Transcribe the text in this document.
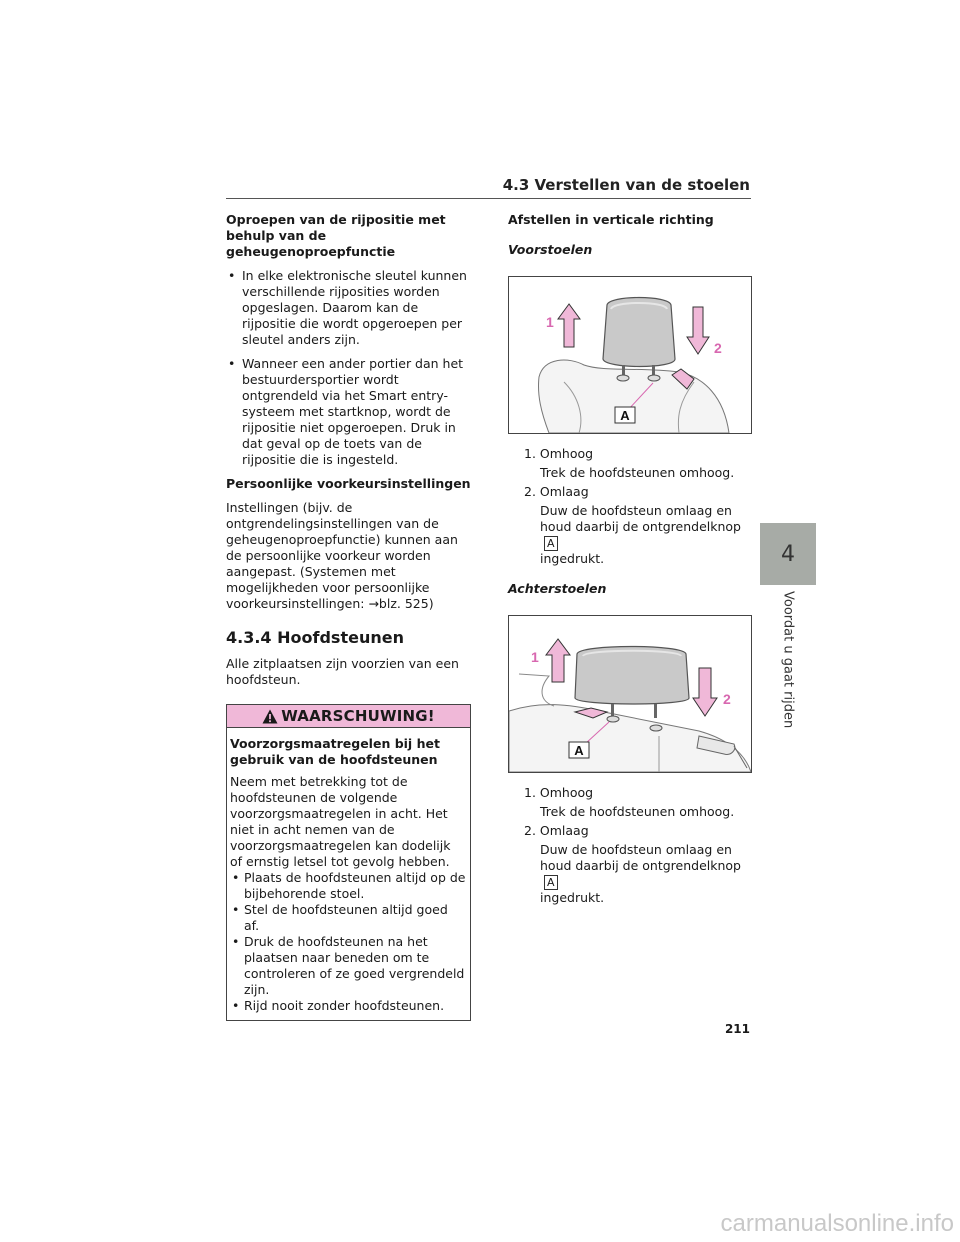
4.3 Verstellen van de stoelen
Oproepen van de rijpositie met behulp van de geheugenoproepfunctie
• In elke elektronische sleutel kunnen verschillende rijposities worden opgeslagen. Daarom kan de rijpositie die wordt opgeroepen per sleutel anders zijn.
• Wanneer een ander portier dan het bestuurdersportier wordt ontgrendeld via het Smart entry-systeem met startknop, wordt de rijpositie niet opgeroepen. Druk in dat geval op de toets van de rijpositie die is ingesteld.
Persoonlijke voorkeursinstellingen
Instellingen (bijv. de ontgrendelingsinstellingen van de geheugenoproepfunctie) kunnen aan de persoonlijke voorkeur worden aangepast. (Systemen met mogelijkheden voor persoonlijke voorkeursinstellingen: →blz. 525)
4.3.4 Hoofdsteunen
Alle zitplaatsen zijn voorzien van een hoofdsteun.
WAARSCHUWING!
Voorzorgsmaatregelen bij het gebruik van de hoofdsteunen
Neem met betrekking tot de hoofdsteunen de volgende voorzorgsmaatregelen in acht. Het niet in acht nemen van de voorzorgsmaatregelen kan dodelijk of ernstig letsel tot gevolg hebben.
• Plaats de hoofdsteunen altijd op de bijbehorende stoel.
• Stel de hoofdsteunen altijd goed af.
• Druk de hoofdsteunen na het plaatsen naar beneden om te controleren of ze goed vergrendeld zijn.
• Rijd nooit zonder hoofdsteunen.
Afstellen in verticale richting
Voorstoelen
A
1
2
1. Omhoog
Trek de hoofdsteunen omhoog.
2. Omlaag
Duw de hoofdsteun omlaag en houd daarbij de ontgrendelknopA
ingedrukt.
Achterstoelen
A
1
2
1. Omhoog
Trek de hoofdsteunen omhoog.
2. Omlaag
Duw de hoofdsteun omlaag en houd daarbij de ontgrendelknopA
ingedrukt.
4
Voordat u gaat rijden
211
carmanualsonline.info
